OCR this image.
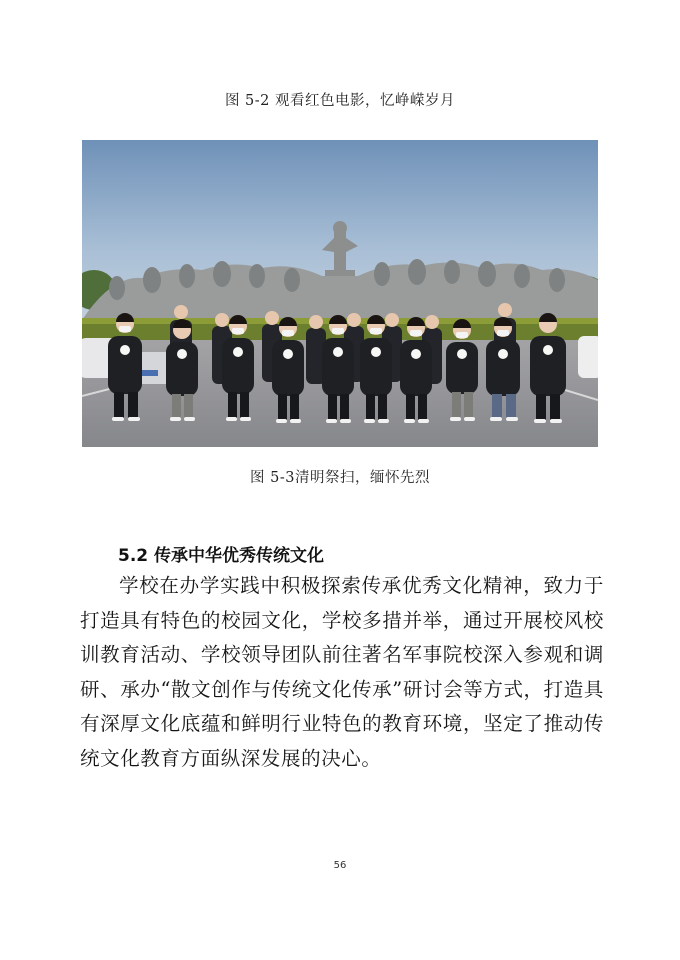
图 5-2 观看红色电影，忆峥嵘岁月
图 5-3清明祭扫，缅怀先烈
5.2 传承中华优秀传统文化

学校在办学实践中积极探索传承优秀文化精神，致力于打造具有特色的校园文化，学校多措并举，通过开展校风校训教育活动、学校领导团队前往著名军事院校深入参观和调研、承办“散文创作与传统文化传承”研讨会等方式，打造具有深厚文化底蕴和鲜明行业特色的教育环境，坚定了推动传统文化教育方面纵深发展的决心。

56
